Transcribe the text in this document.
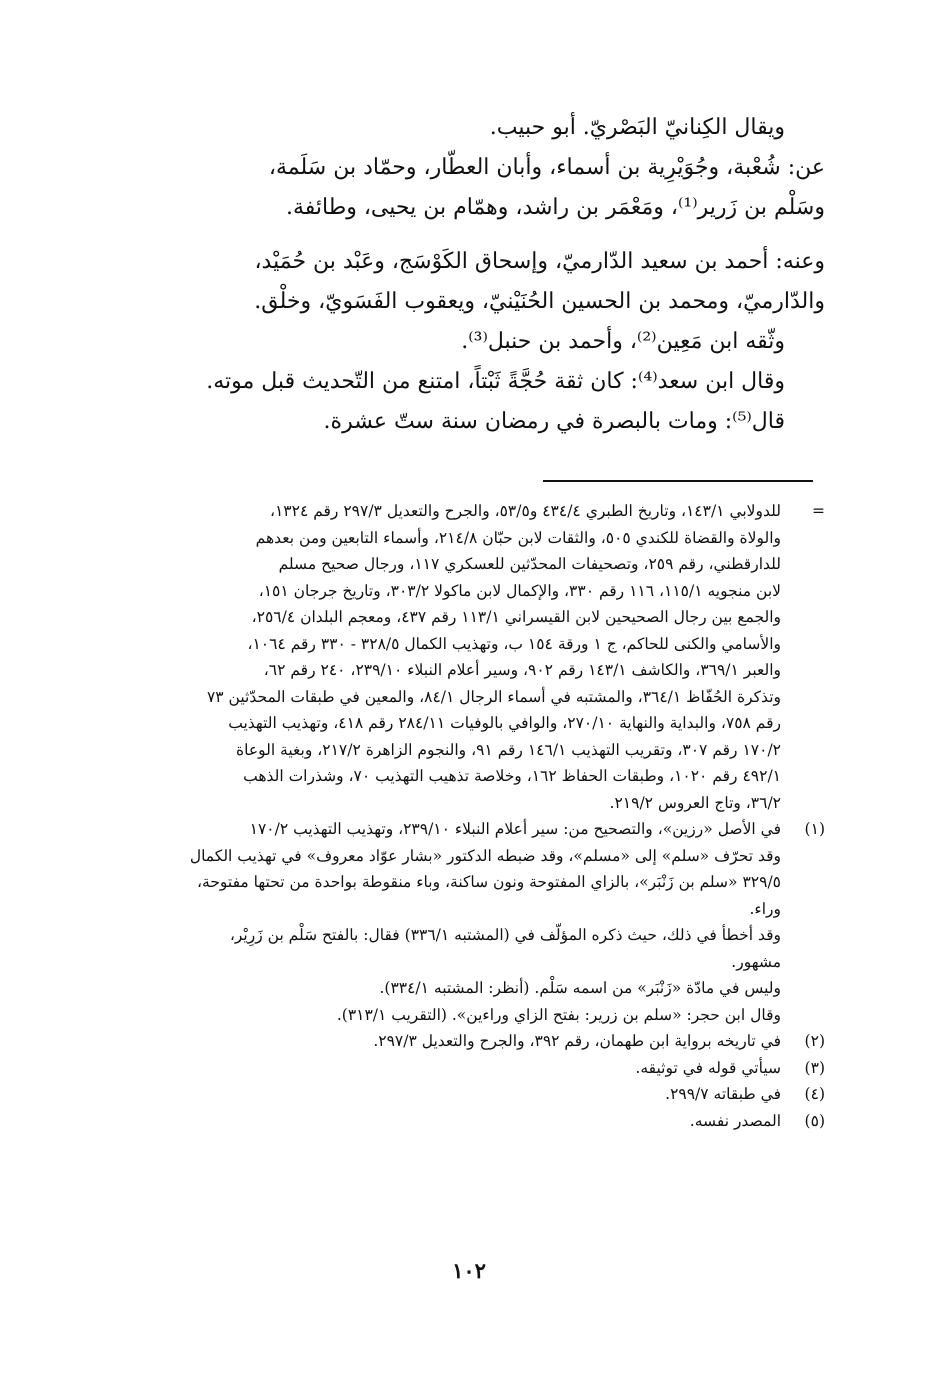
ويقال الكِنانيّ البَصْريّ. أبو حبيب.
عن: شُعْبة، وجُوَيْرِية بن أسماء، وأبان العطّار، وحمّاد بن سَلَمة،
وسَلْم بن زَرير⁽¹⁾، ومَعْمَر بن راشد، وهمّام بن يحيى، وطائفة.
وعنه: أحمد بن سعيد الدّارميّ، وإسحاق الكَوْسَج، وعَبْد بن حُمَيْد،
والدّارميّ، ومحمد بن الحسين الحُنَيْنيّ، ويعقوب الفَسَويّ، وخلْق.
وثّقه ابن مَعِين⁽²⁾، وأحمد بن حنبل⁽³⁾.
وقال ابن سعد⁽⁴⁾: كان ثقة حُجَّةً ثَبْتاً، امتنع من التّحديث قبل موته.
قال⁽⁵⁾: ومات بالبصرة في رمضان سنة ستّ عشرة.
=
للدولابي ١٤٣/١، وتاريخ الطبري ٤٣٤/٤ و٥٣/٥، والجرح والتعديل ٢٩٧/٣ رقم ١٣٢٤،
والولاة والقضاة للكندي ٥٠٥، والثقات لابن حبّان ٢١٤/٨، وأسماء التابعين ومن بعدهم
للدارقطني، رقم ٢٥٩، وتصحيفات المحدّثين للعسكري ١١٧، ورجال صحيح مسلم
لابن منجويه ١١٥/١، ١١٦ رقم ٣٣٠، والإكمال لابن ماكولا ٣٠٣/٢، وتاريخ جرجان ١٥١،
والجمع بين رجال الصحيحين لابن القيسراني ١١٣/١ رقم ٤٣٧، ومعجم البلدان ٢٥٦/٤،
والأسامي والكنى للحاكم، ج ١ ورقة ١٥٤ ب، وتهذيب الكمال ٣٢٨/٥ - ٣٣٠ رقم ١٠٦٤،
والعبر ٣٦٩/١، والكاشف ١٤٣/١ رقم ٩٠٢، وسير أعلام النبلاء ٢٣٩/١٠، ٢٤٠ رقم ٦٢،
وتذكرة الحُفّاظ ٣٦٤/١، والمشتبه في أسماء الرجال ٨٤/١، والمعين في طبقات المحدّثين ٧٣
رقم ٧٥٨، والبداية والنهاية ٢٧٠/١٠، والوافي بالوفيات ٢٨٤/١١ رقم ٤١٨، وتهذيب التهذيب
١٧٠/٢ رقم ٣٠٧، وتقريب التهذيب ١٤٦/١ رقم ٩١، والنجوم الزاهرة ٢١٧/٢، وبغية الوعاة
٤٩٢/١ رقم ١٠٢٠، وطبقات الحفاظ ١٦٢، وخلاصة تذهيب التهذيب ٧٠، وشذرات الذهب
٣٦/٢، وتاج العروس ٢١٩/٢.
(١)
في الأصل «رزين»، والتصحيح من: سير أعلام النبلاء ٢٣٩/١٠، وتهذيب التهذيب ١٧٠/٢
وقد تحرّف «سلم» إلى «مسلم»، وقد ضبطه الدكتور «بشار عوّاد معروف» في تهذيب الكمال
٣٢٩/٥ «سلم بن زَنْبَر»، بالزاي المفتوحة ونون ساكنة، وباء منقوطة بواحدة من تحتها مفتوحة،
وراء.
وقد أخطأ في ذلك، حيث ذكره المؤلّف في (المشتبه ٣٣٦/١) فقال: بالفتح سَلْم بن زَرِيْر،
مشهور.
وليس في مادّة «زَنْبَر» من اسمه سَلْم. (أنظر: المشتبه ٣٣٤/١).
وقال ابن حجر: «سلم بن زرير: بفتح الزاي وراءين». (التقريب ٣١٣/١).
(٢)
في تاريخه برواية ابن طهمان، رقم ٣٩٢، والجرح والتعديل ٢٩٧/٣.
(٣)
سيأتي قوله في توثيقه.
(٤)
في طبقاته ٢٩٩/٧.
(٥)
المصدر نفسه.
١٠٢
